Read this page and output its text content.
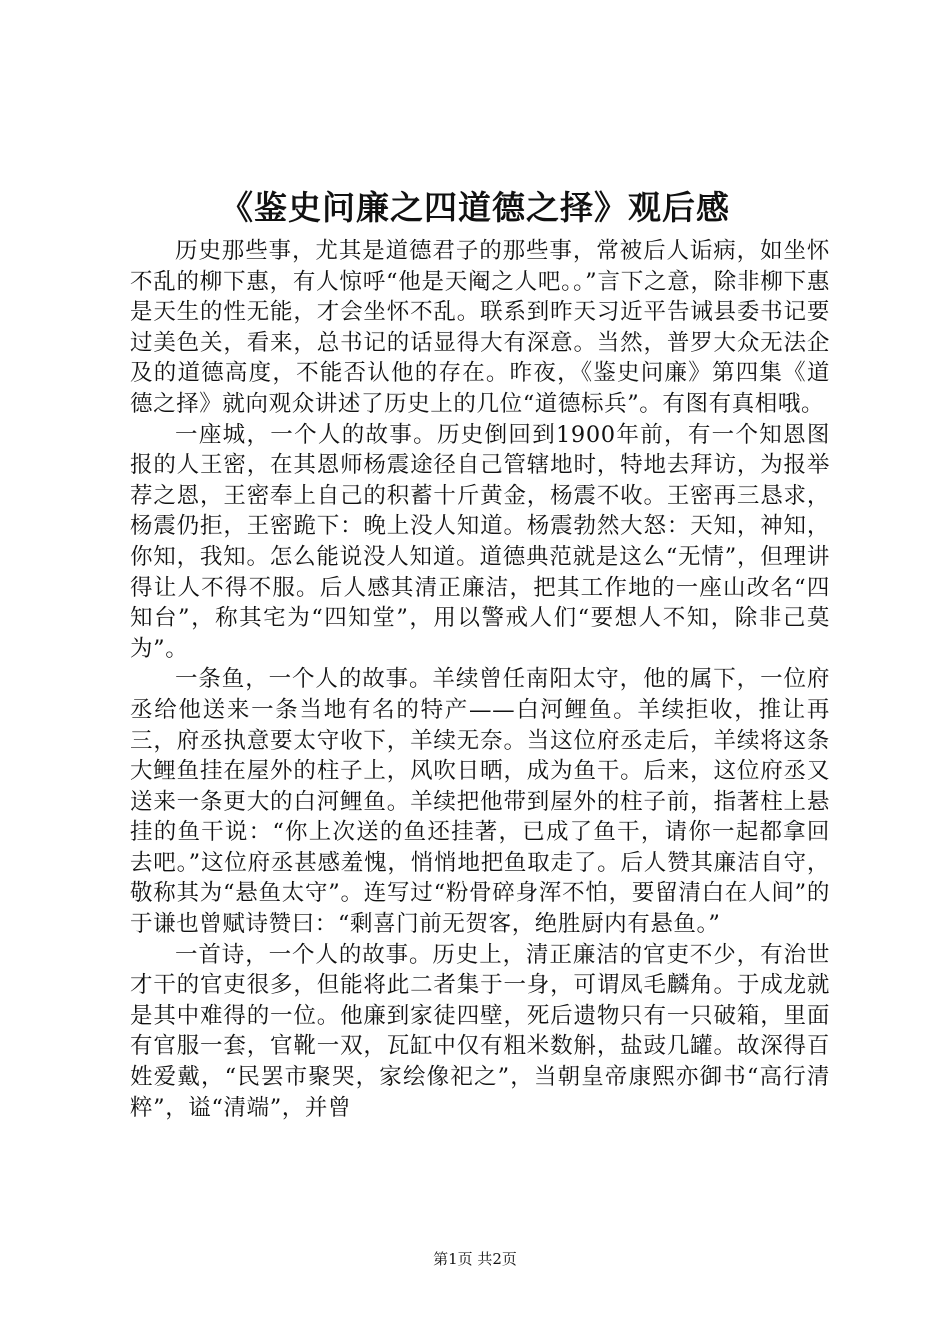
《鉴史问廉之四道德之择》观后感

历史那些事，尤其是道德君子的那些事，常被后人诟病，如坐怀不乱的柳下惠，有人惊呼“他是天阉之人吧。。”言下之意，除非柳下惠是天生的性无能，才会坐怀不乱。联系到昨天习近平告诫县委书记要过美色关，看来，总书记的话显得大有深意。当然，普罗大众无法企及的道德高度，不能否认他的存在。昨夜，《鉴史问廉》第四集《道德之择》就向观众讲述了历史上的几位“道德标兵”。有图有真相哦。

一座城，一个人的故事。历史倒回到1900年前，有一个知恩图报的人王密，在其恩师杨震途径自己管辖地时，特地去拜访，为报举荐之恩，王密奉上自己的积蓄十斤黄金，杨震不收。王密再三恳求，杨震仍拒，王密跪下：晚上没人知道。杨震勃然大怒：天知，神知，你知，我知。怎么能说没人知道。道德典范就是这么“无情”，但理讲得让人不得不服。后人感其清正廉洁，把其工作地的一座山改名“四知台”，称其宅为“四知堂”，用以警戒人们“要想人不知，除非己莫为”。

一条鱼，一个人的故事。羊续曾任南阳太守，他的属下，一位府丞给他送来一条当地有名的特产——白河鲤鱼。羊续拒收，推让再三，府丞执意要太守收下，羊续无奈。当这位府丞走后，羊续将这条大鲤鱼挂在屋外的柱子上，风吹日晒，成为鱼干。后来，这位府丞又送来一条更大的白河鲤鱼。羊续把他带到屋外的柱子前，指著柱上悬挂的鱼干说：“你上次送的鱼还挂著，已成了鱼干，请你一起都拿回去吧。”这位府丞甚感羞愧，悄悄地把鱼取走了。后人赞其廉洁自守，敬称其为“悬鱼太守”。连写过“粉骨碎身浑不怕，要留清白在人间”的于谦也曾赋诗赞曰：“剩喜门前无贺客，绝胜厨内有悬鱼。”

一首诗，一个人的故事。历史上，清正廉洁的官吏不少，有治世才干的官吏很多，但能将此二者集于一身，可谓凤毛麟角。于成龙就是其中难得的一位。他廉到家徒四壁，死后遗物只有一只破箱，里面有官服一套，官靴一双，瓦缸中仅有粗米数斛，盐豉几罐。故深得百姓爱戴，“民罢市聚哭，家绘像祀之”，当朝皇帝康熙亦御书“高行清粹”，谥“清端”，并曾

第1页 共2页
